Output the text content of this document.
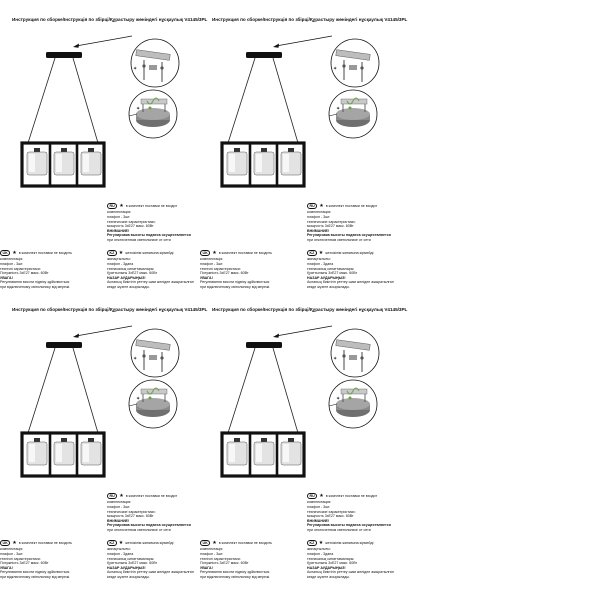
Инструкция по сборке/Інструкція по збірці/Құрастыру жөніндегі нұсқаулық V4145/3PL
✶
✶
RU ★ в комплект поставки не входит
комплектация:
плафон - 3шт.
технические характеристики:
мощность 3хE27 макс. 60Вт
ВНИМАНИЕ!
Регулировка высоты подвеса осуществляется
при отключенном светильнике от сети
UK ★ в комплект поставки не входить
комплектація:
плафон - 3шт.
технічні характеристики:
Потужність 3хE27 макс. 60Вт
УВАГА!
Регулювання висоти підвісу здійснюється
при відключеному світильнику від мережі.
KZ ★ жеткізілім жинағына кірмейді
жинақтылығы:
плафон - 3дана
техникалық сипаттамалары:
Қуаттылығы 3хE27 макс. 60Вт
НАЗАР АУДАРЫҢЫЗ!
Аспаның биіктігін реттеу шам желіден ажыратылған
кезде жүзеге асырылады.
Инструкция по сборке/Інструкція по збірці/Құрастыру жөніндегі нұсқаулық V4145/3PL
✶
✶
RU ★ в комплект поставки не входит
комплектация:
плафон - 3шт.
технические характеристики:
мощность 3хE27 макс. 60Вт
ВНИМАНИЕ!
Регулировка высоты подвеса осуществляется
при отключенном светильнике от сети
UK ★ в комплект поставки не входить
комплектація:
плафон - 3шт.
технічні характеристики:
Потужність 3хE27 макс. 60Вт
УВАГА!
Регулювання висоти підвісу здійснюється
при відключеному світильнику від мережі.
KZ ★ жеткізілім жинағына кірмейді
жинақтылығы:
плафон - 3дана
техникалық сипаттамалары:
Қуаттылығы 3хE27 макс. 60Вт
НАЗАР АУДАРЫҢЫЗ!
Аспаның биіктігін реттеу шам желіден ажыратылған
кезде жүзеге асырылады.
Инструкция по сборке/Інструкція по збірці/Құрастыру жөніндегі нұсқаулық V4145/3PL
✶
✶
RU ★ в комплект поставки не входит
комплектация:
плафон - 3шт.
технические характеристики:
мощность 3хE27 макс. 60Вт
ВНИМАНИЕ!
Регулировка высоты подвеса осуществляется
при отключенном светильнике от сети
UK ★ в комплект поставки не входить
комплектація:
плафон - 3шт.
технічні характеристики:
Потужність 3хE27 макс. 60Вт
УВАГА!
Регулювання висоти підвісу здійснюється
при відключеному світильнику від мережі.
KZ ★ жеткізілім жинағына кірмейді
жинақтылығы:
плафон - 3дана
техникалық сипаттамалары:
Қуаттылығы 3хE27 макс. 60Вт
НАЗАР АУДАРЫҢЫЗ!
Аспаның биіктігін реттеу шам желіден ажыратылған
кезде жүзеге асырылады.
Инструкция по сборке/Інструкція по збірці/Құрастыру жөніндегі нұсқаулық V4145/3PL
✶
✶
RU ★ в комплект поставки не входит
комплектация:
плафон - 3шт.
технические характеристики:
мощность 3хE27 макс. 60Вт
ВНИМАНИЕ!
Регулировка высоты подвеса осуществляется
при отключенном светильнике от сети
UK ★ в комплект поставки не входить
комплектація:
плафон - 3шт.
технічні характеристики:
Потужність 3хE27 макс. 60Вт
УВАГА!
Регулювання висоти підвісу здійснюється
при відключеному світильнику від мережі.
KZ ★ жеткізілім жинағына кірмейді
жинақтылығы:
плафон - 3дана
техникалық сипаттамалары:
Қуаттылығы 3хE27 макс. 60Вт
НАЗАР АУДАРЫҢЫЗ!
Аспаның биіктігін реттеу шам желіден ажыратылған
кезде жүзеге асырылады.
